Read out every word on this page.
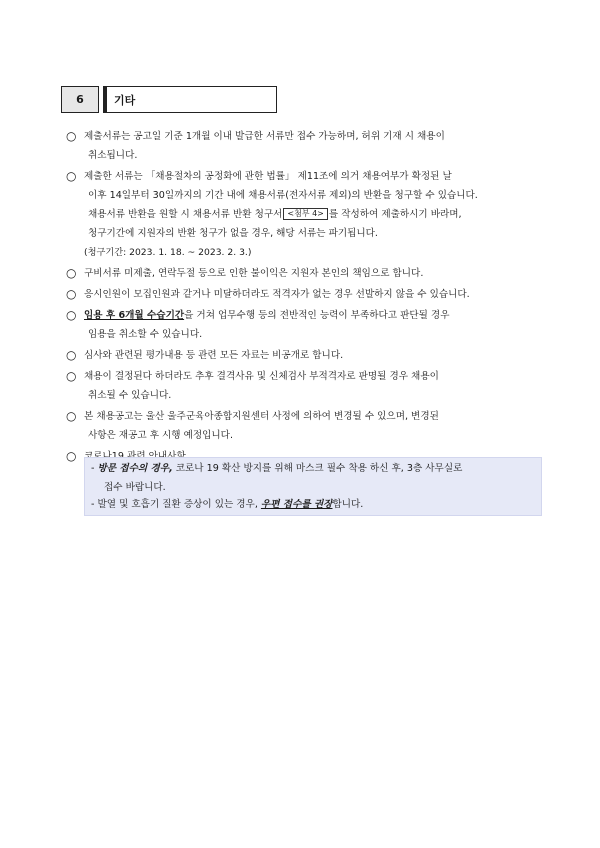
6	기타
○ 제출서류는 공고일 기준 1개월 이내 발급한 서류만 접수 가능하며, 허위 기재 시 채용이
취소됩니다.
○ 제출한 서류는 「채용절차의 공정화에 관한 법률」 제11조에 의거 채용여부가 확정된 날
이후 14일부터 30일까지의 기간 내에 채용서류(전자서류 제외)의 반환을 청구할 수 있습니다.
채용서류 반환을 원할 시 채용서류 반환 청구서 <첨부 4> 를 작성하여 제출하시기 바라며,
청구기간에 지원자의 반환 청구가 없을 경우, 해당 서류는 파기됩니다.
(청구기간: 2023. 1. 18. ~ 2023. 2. 3.)
○ 구비서류 미제출, 연락두절 등으로 인한 불이익은 지원자 본인의 책임으로 합니다.
○ 응시인원이 모집인원과 같거나 미달하더라도 적격자가 없는 경우 선발하지 않을 수 있습니다.
○ 임용 후 6개월 수습기간을 거쳐 업무수행 등의 전반적인 능력이 부족하다고 판단될 경우
임용을 취소할 수 있습니다.
○ 심사와 관련된 평가내용 등 관련 모든 자료는 비공개로 합니다.
○ 채용이 결정된다 하더라도 추후 결격사유 및 신체검사 부적격자로 판명될 경우 채용이
취소될 수 있습니다.
○ 본 채용공고는 울산 울주군육아종합지원센터 사정에 의하여 변경될 수 있으며, 변경된
사항은 재공고 후 시행 예정입니다.
○
- 방문 접수의 경우, 코로나 19 확산 방지를 위해 마스크 필수 착용 하신 후, 3층 사무실로
접수 바랍니다.
- 발열 및 호흡기 질환 증상이 있는 경우, 우편 접수를 권장합니다.
